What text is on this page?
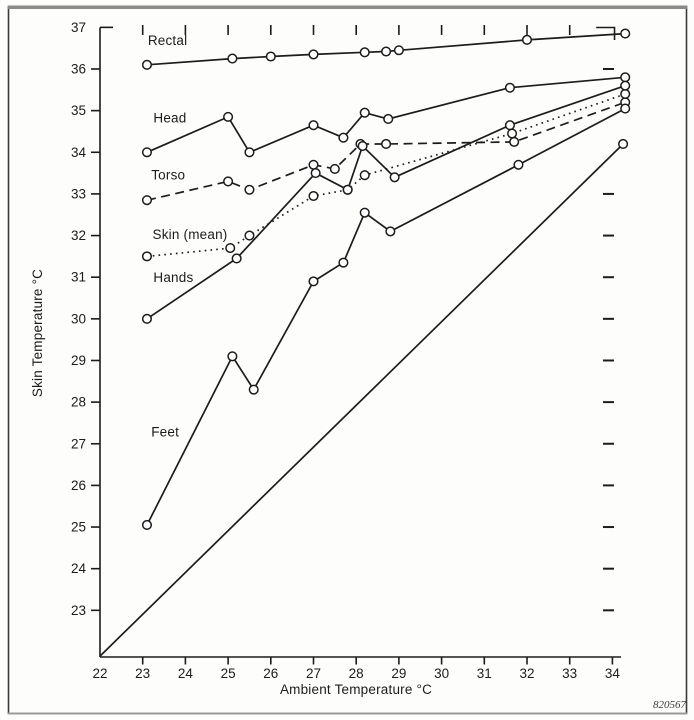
23
24
25
26
27
28
29
30
31
32
33
34
35
36
37
22 23 24 25 26 27 28 29 30 31 32 33 34
Rectal
Head
Torso
Skin (mean)
Hands
Feet
Skin Temperature °C
Ambient Temperature °C
820567
